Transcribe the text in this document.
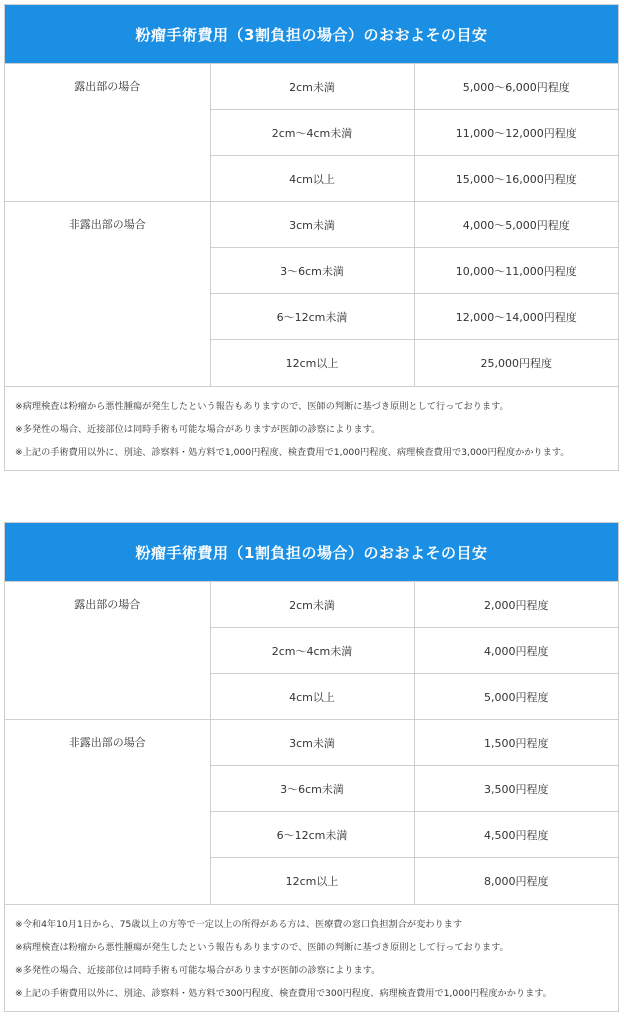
粉瘤手術費用（3割負担の場合）のおおよその目安
露出部の場合	2cm未満	5,000～6,000円程度
	2cm～4cm未満	11,000～12,000円程度
	4cm以上	15,000～16,000円程度
非露出部の場合	3cm未満	4,000～5,000円程度
	3～6cm未満	10,000～11,000円程度
	6～12cm未満	12,000～14,000円程度
	12cm以上	25,000円程度

※病理検査は粉瘤から悪性腫瘍が発生したという報告もありますので、医師の判断に基づき原則として行っております。

※多発性の場合、近接部位は同時手術も可能な場合がありますが医師の診察によります。

※上記の手術費用以外に、別途、診察料・処方料で1,000円程度、検査費用で1,000円程度、病理検査費用で3,000円程度かかります。

粉瘤手術費用（1割負担の場合）のおおよその目安
露出部の場合	2cm未満	2,000円程度
	2cm～4cm未満	4,000円程度
	4cm以上	5,000円程度
非露出部の場合	3cm未満	1,500円程度
	3～6cm未満	3,500円程度
	6～12cm未満	4,500円程度
	12cm以上	8,000円程度

※令和4年10月1日から、75歳以上の方等で一定以上の所得がある方は、医療費の窓口負担割合が変わります

※病理検査は粉瘤から悪性腫瘍が発生したという報告もありますので、医師の判断に基づき原則として行っております。

※多発性の場合、近接部位は同時手術も可能な場合がありますが医師の診察によります。

※上記の手術費用以外に、別途、診察料・処方料で300円程度、検査費用で300円程度、病理検査費用で1,000円程度かかります。
